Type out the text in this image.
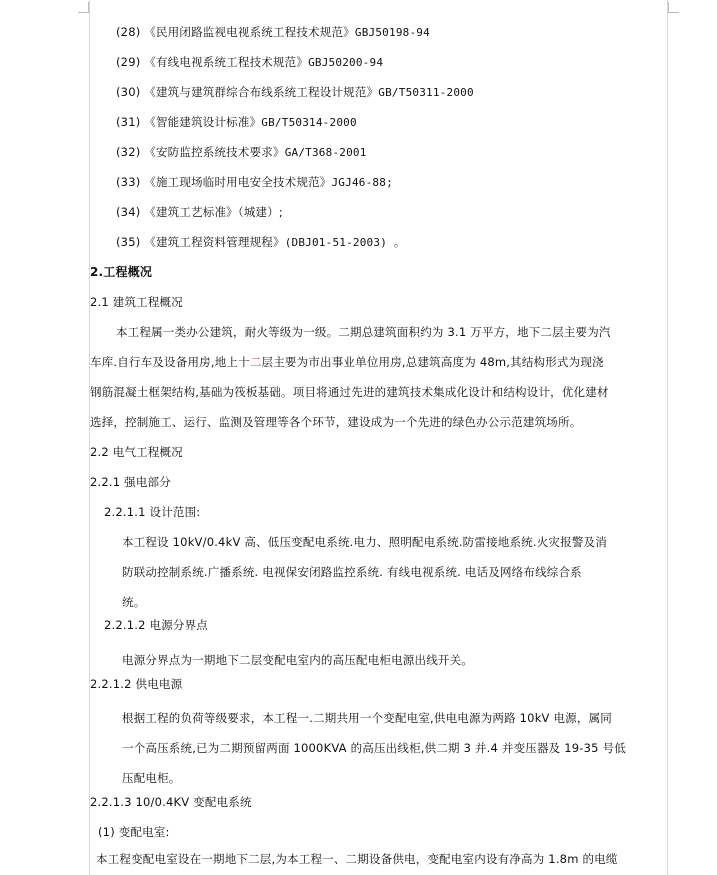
(28) 《民用闭路监视电视系统工程技术规范》GBJ50198-94
(29) 《有线电视系统工程技术规范》GBJ50200-94
(30) 《建筑与建筑群综合布线系统工程设计规范》GB/T50311-2000
(31) 《智能建筑设计标准》GB/T50314-2000
(32) 《安防监控系统技术要求》GA/T368-2001
(33) 《施工现场临时用电安全技术规范》JGJ46-88;
(34) 《建筑工艺标准》（城建）;
(35) 《建筑工程资料管理规程》(DBJ01-51-2003) 。
2.工程概况
2.1 建筑工程概况
本工程属一类办公建筑，耐火等级为一级。二期总建筑面积约为 3.1 万平方，地下二层主要为汽
车库.自行车及设备用房,地上十二层主要为市出事业单位用房,总建筑高度为 48m,其结构形式为现浇
钢筋混凝土框架结构,基础为筏板基础。项目将通过先进的建筑技术集成化设计和结构设计，优化建材
选择，控制施工、运行、监测及管理等各个环节，建设成为一个先进的绿色办公示范建筑场所。
2.2 电气工程概况
2.2.1 强电部分
2.2.1.1 设计范围:
本工程设 10kV/0.4kV 高、低压变配电系统.电力、照明配电系统.防雷接地系统.火灾报警及消
防联动控制系统.广播系统. 电视保安闭路监控系统. 有线电视系统. 电话及网络布线综合系
统。
2.2.1.2 电源分界点
电源分界点为一期地下二层变配电室内的高压配电柜电源出线开关。
2.2.1.2 供电电源
根据工程的负荷等级要求，本工程一.二期共用一个变配电室,供电电源为两路 10kV 电源，属同
一个高压系统,已为二期预留两面 1000KVA 的高压出线柜,供二期 3 并.4 并变压器及 19-35 号低
压配电柜。
2.2.1.3 10/0.4KV 变配电系统
(1) 变配电室:
本工程变配电室设在一期地下二层,为本工程一、二期设备供电，变配电室内设有净高为 1.8m 的电缆
